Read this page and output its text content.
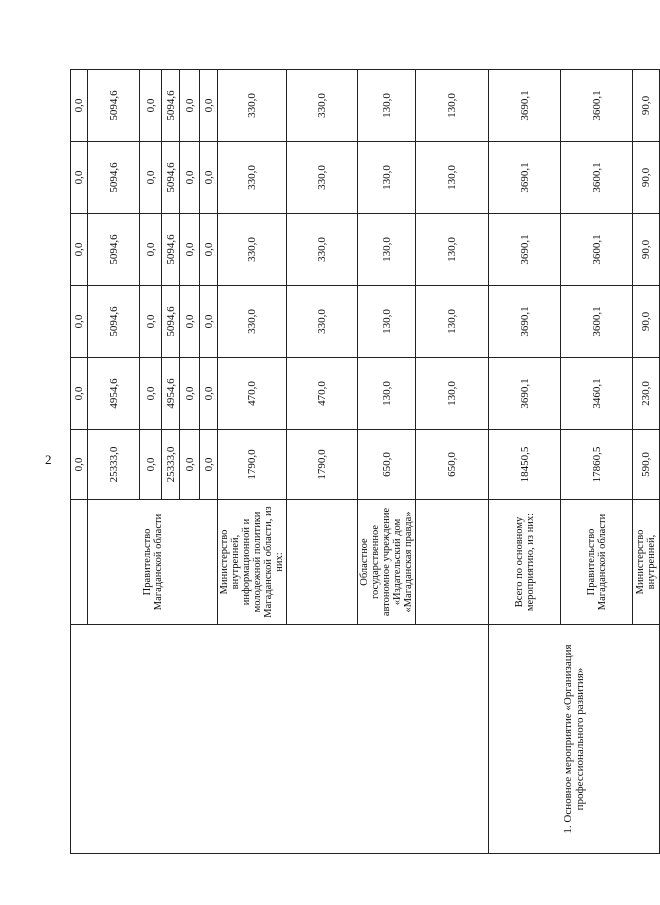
2
		0,0	0,0	0,0	0,0	0,0	0,0
	Правительство Магаданской области	25333,0	4954,6	5094,6	5094,6	5094,6	5094,6
		0,0	0,0	0,0	0,0	0,0	0,0
		25333,0	4954,6	5094,6	5094,6	5094,6	5094,6
		0,0	0,0	0,0	0,0	0,0	0,0
		0,0	0,0	0,0	0,0	0,0	0,0
	Министерство внутренней, информационной и молодежной политики Магаданской области, из них:	1790,0	470,0	330,0	330,0	330,0	330,0
		1790,0	470,0	330,0	330,0	330,0	330,0
	Областное государственное автономное учреждение «Издательский дом «Магаданская правда»	650,0	130,0	130,0	130,0	130,0	130,0
		650,0	130,0	130,0	130,0	130,0	130,0
1. Основное мероприятие «Организация профессионального развития»	Всего по основному мероприятию, из них:	18450,5	3690,1	3690,1	3690,1	3690,1	3690,1
	Правительство Магаданской области	17860,5	3460,1	3600,1	3600,1	3600,1	3600,1
	Министерство внутренней,	590,0	230,0	90,0	90,0	90,0	90,0
